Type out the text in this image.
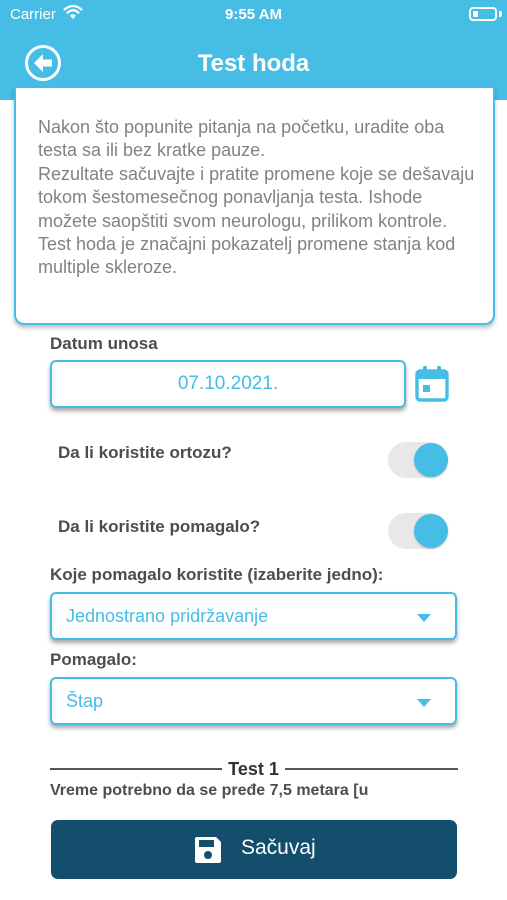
Carrier	9:55 AM
Test hoda
Nakon što popunite pitanja na početku, uradite oba testa sa ili bez kratke pauze.
Rezultate sačuvajte i pratite promene koje se dešavaju tokom šestomesečnog ponavljanja testa. Ishode možete saopštiti svom neurologu, prilikom kontrole.
Test hoda je značajni pokazatelj promene stanja kod multiple skleroze.
Datum unosa
07.10.2021.
Da li koristite ortozu?
Da li koristite pomagalo?
Koje pomagalo koristite (izaberite jedno):
Jednostrano pridržavanje
Pomagalo:
Štap
Test 1
Vreme potrebno da se pređe 7,5 metara [u
Sačuvaj
